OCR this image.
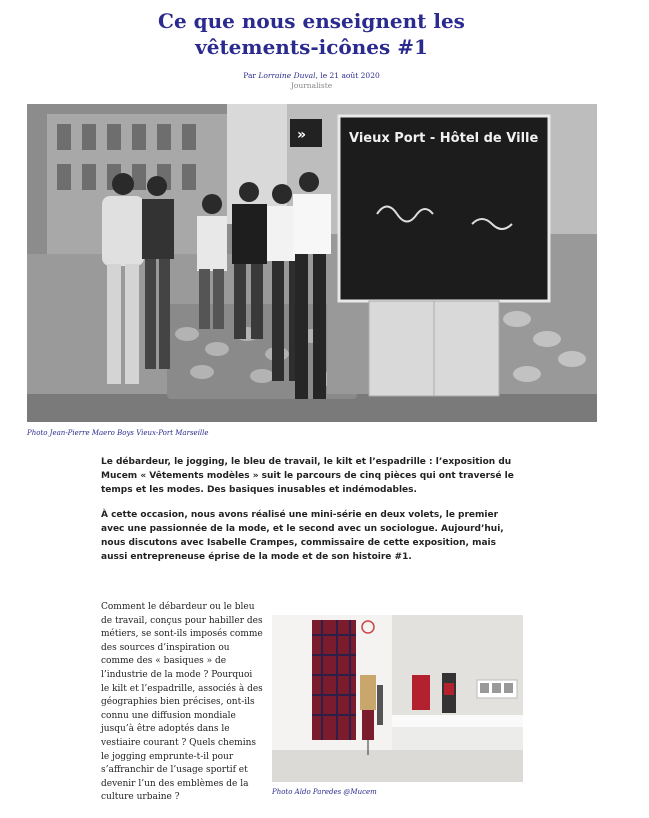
Ce que nous enseignent les
vêtements-icônes #1
Par Lorraine Duval, le 21 août 2020
Journaliste
»	Vieux Port - Hôtel de Ville
Photo Jean-Pierre Maero Boys Vieux-Port Marseille

Le débardeur, le jogging, le bleu de travail, le kilt et l’espadrille : l’exposition du Mucem « Vêtements modèles » suit le parcours de cinq pièces qui ont traversé le temps et les modes. Des basiques inusables et indémodables.

À cette occasion, nous avons réalisé une mini-série en deux volets, le premier avec une passionnée de la mode, et le second avec un sociologue. Aujourd’hui, nous discutons avec Isabelle Crampes, commissaire de cette exposition, mais aussi entrepreneuse éprise de la mode et de son histoire #1.

Comment le débardeur ou le bleu de travail, conçus pour habiller des métiers, se sont-ils imposés comme des sources d’inspiration ou comme des « basiques » de l’industrie de la mode ? Pourquoi le kilt et l’espadrille, associés à des géographies bien précises, ont-ils connu une diffusion mondiale jusqu’à être adoptés dans le vestiaire courant ? Quels chemins le jogging emprunte-t-il pour s’affranchir de l’usage sportif et devenir l’un des emblèmes de la culture urbaine ?

Photo Aldo Paredes @Mucem
